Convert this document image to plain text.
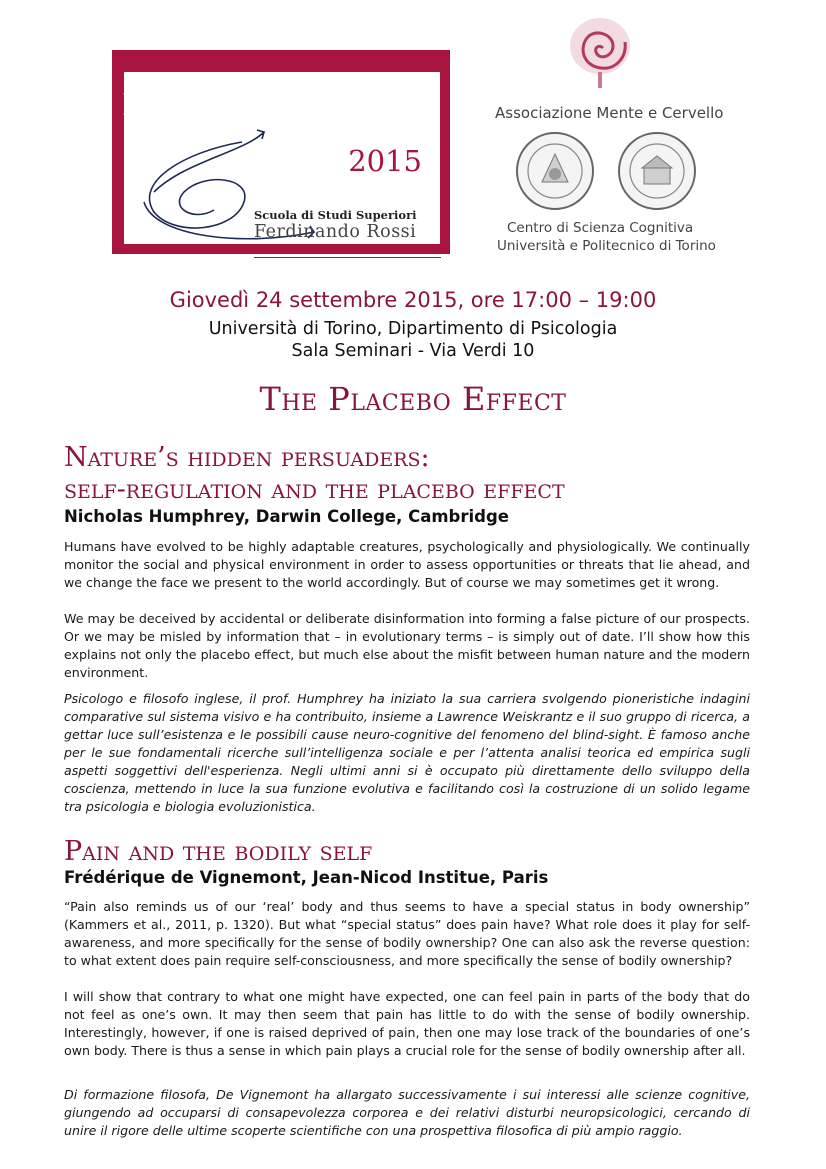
2015
Scuola di Studi Superiori
Ferdinando Rossi
UNIVERSITÀ DEGLI STUDI DI TORINO
Le Conferenze	Associazione Mente e Cervello
Centro di Scienza Cognitiva
Università e Politecnico di Torino
Giovedì 24 settembre 2015, ore 17:00 – 19:00
Università di Torino, Dipartimento di Psicologia
Sala Seminari - Via Verdi 10
The Placebo Effect
Nature’s hidden persuaders:
self-regulation and the placebo effect
Nicholas Humphrey, Darwin College, Cambridge

Humans have evolved to be highly adaptable creatures, psychologically and physiologically. We continually monitor the social and physical environment in order to assess opportunities or threats that lie ahead, and we change the face we present to the world accordingly. But of course we may sometimes get it wrong.

We may be deceived by accidental or deliberate disinformation into forming a false picture of our prospects. Or we may be misled by information that – in evolutionary terms – is simply out of date. I’ll show how this explains not only the placebo effect, but much else about the misfit between human nature and the modern environment.

Psicologo e filosofo inglese, il prof. Humphrey ha iniziato la sua carriera svolgendo pioneristiche indagini comparative sul sistema visivo e ha contribuito, insieme a Lawrence Weiskrantz e il suo gruppo di ricerca, a gettar luce sull’esistenza e le possibili cause neuro-cognitive del fenomeno del blind-sight. È famoso anche per le sue fondamentali ricerche sull’intelligenza sociale e per l’attenta analisi teorica ed empirica sugli aspetti soggettivi dell'esperienza. Negli ultimi anni si è occupato più direttamente dello sviluppo della coscienza, mettendo in luce la sua funzione evolutiva e facilitando così la costruzione di un solido legame tra psicologia e biologia evoluzionistica.

Pain and the bodily self
Frédérique de Vignemont, Jean-Nicod Institue, Paris

“Pain also reminds us of our ‘real’ body and thus seems to have a special status in body ownership” (Kammers et al., 2011, p. 1320). But what “special status” does pain have? What role does it play for self-awareness, and more specifically for the sense of bodily ownership? One can also ask the reverse question: to what extent does pain require self-consciousness, and more specifically the sense of bodily ownership?

I will show that contrary to what one might have expected, one can feel pain in parts of the body that do not feel as one’s own. It may then seem that pain has little to do with the sense of bodily ownership. Interestingly, however, if one is raised deprived of pain, then one may lose track of the boundaries of one’s own body. There is thus a sense in which pain plays a crucial role for the sense of bodily ownership after all.

Di formazione filosofa, De Vignemont ha allargato successivamente i sui interessi alle scienze cognitive, giungendo ad occuparsi di consapevolezza corporea e dei relativi disturbi neuropsicologici, cercando di unire il rigore delle ultime scoperte scientifiche con una prospettiva filosofica di più ampio raggio.
